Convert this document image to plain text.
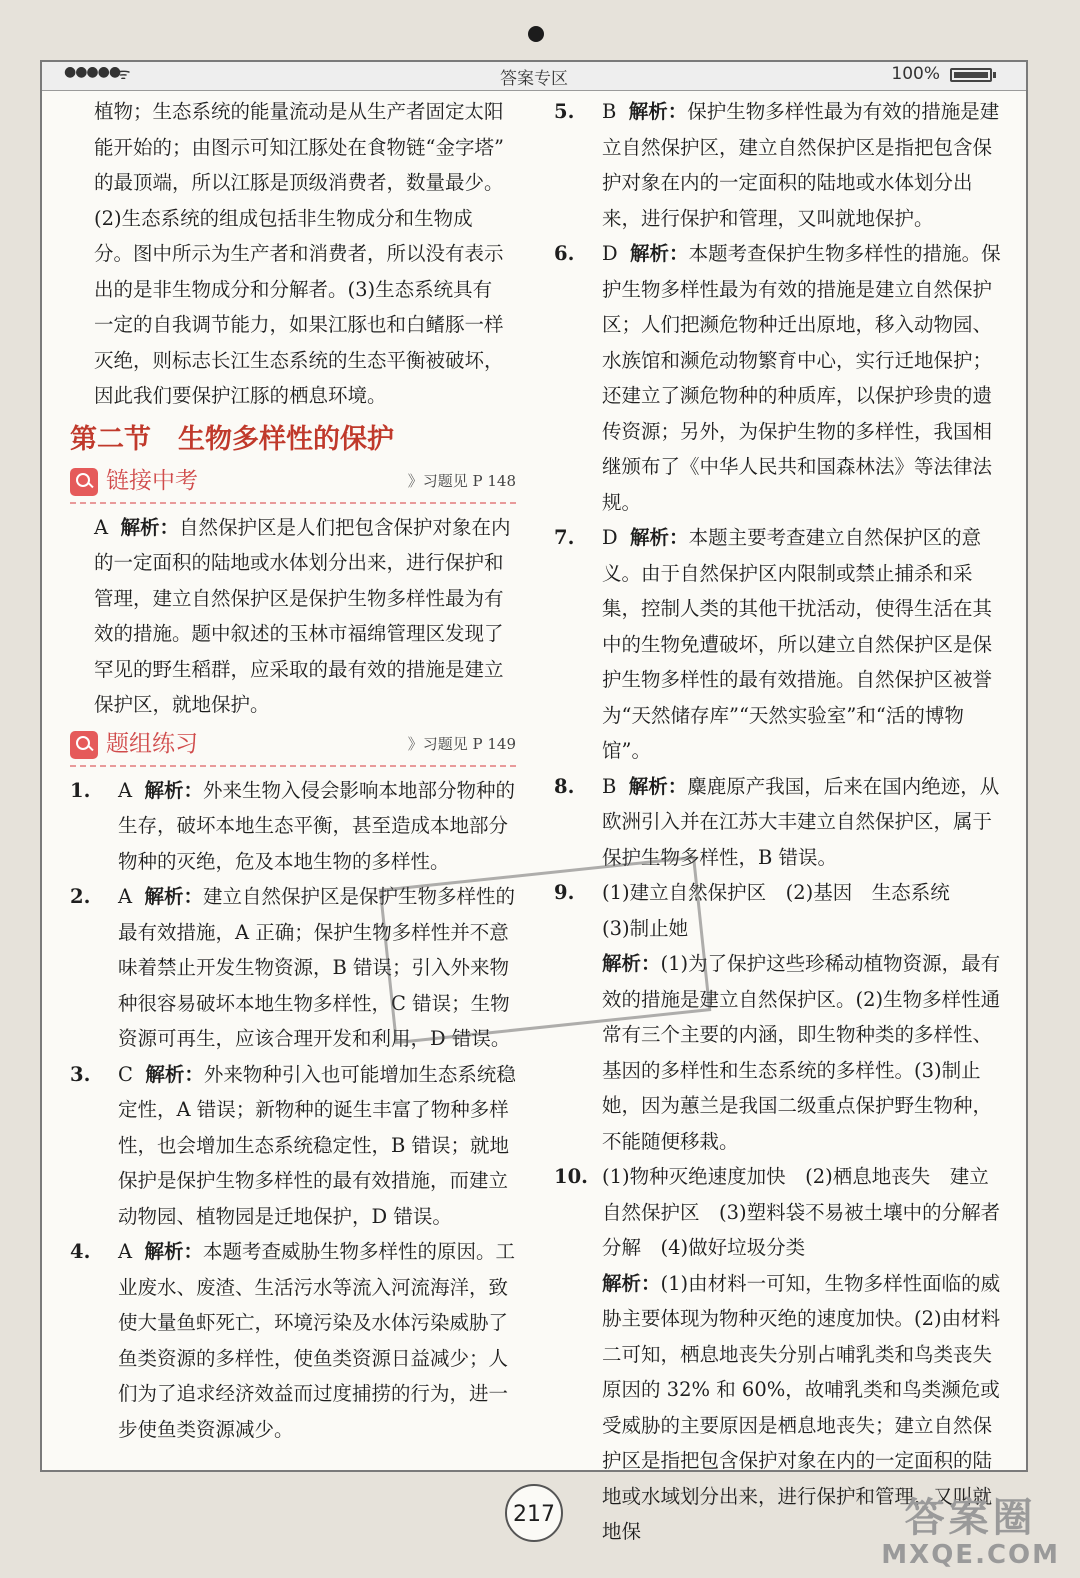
●●●●●
ᯤ	答案专区	100%

植物；生态系统的能量流动是从生产者固定太阳

能开始的；由图示可知江豚处在食物链“金字塔”

的最顶端，所以江豚是顶级消费者，数量最少。

(2)生态系统的组成包括非生物成分和生物成

分。图中所示为生产者和消费者，所以没有表示

出的是非生物成分和分解者。(3)生态系统具有

一定的自我调节能力，如果江豚也和白鳍豚一样

灭绝，则标志长江生态系统的生态平衡被破坏，

因此我们要保护江豚的栖息环境。

第二节　生物多样性的保护
链接中考	》习题见 P 148
A 解析：自然保护区是人们把包含保护对象在内的一定面积的陆地或水体划分出来，进行保护和管理，建立自然保护区是保护生物多样性最为有效的措施。题中叙述的玉林市福绵管理区发现了罕见的野生稻群，应采取的最有效的措施是建立保护区，就地保护。
题组练习	》习题见 P 149
1.	A 解析：外来生物入侵会影响本地部分物种的生存，破坏本地生态平衡，甚至造成本地部分物种的灭绝，危及本地生物的多样性。
2.	A 解析：建立自然保护区是保护生物多样性的最有效措施，A 正确；保护生物多样性并不意味着禁止开发生物资源，B 错误；引入外来物种很容易破坏本地生物多样性，C 错误；生物资源可再生，应该合理开发和利用，D 错误。
3.	C 解析：外来物种引入也可能增加生态系统稳定性，A 错误；新物种的诞生丰富了物种多样性，也会增加生态系统稳定性，B 错误；就地保护是保护生物多样性的最有效措施，而建立动物园、植物园是迁地保护，D 错误。
4.	A 解析：本题考查威胁生物多样性的原因。工业废水、废渣、生活污水等流入河流海洋，致使大量鱼虾死亡，环境污染及水体污染威胁了鱼类资源的多样性，使鱼类资源日益减少；人们为了追求经济效益而过度捕捞的行为，进一步使鱼类资源减少。
5.	B 解析：保护生物多样性最为有效的措施是建立自然保护区，建立自然保护区是指把包含保护对象在内的一定面积的陆地或水体划分出来，进行保护和管理，又叫就地保护。
6.	D 解析：本题考查保护生物多样性的措施。保护生物多样性最为有效的措施是建立自然保护区；人们把濒危物种迁出原地，移入动物园、水族馆和濒危动物繁育中心，实行迁地保护；还建立了濒危物种的种质库，以保护珍贵的遗传资源；另外，为保护生物的多样性，我国相继颁布了《中华人民共和国森林法》等法律法规。
7.	D 解析：本题主要考查建立自然保护区的意义。由于自然保护区内限制或禁止捕杀和采集，控制人类的其他干扰活动，使得生活在其中的生物免遭破坏，所以建立自然保护区是保护生物多样性的最有效措施。自然保护区被誉为“天然储存库”“天然实验室”和“活的博物馆”。
8.	B 解析：麋鹿原产我国，后来在国内绝迹，从欧洲引入并在江苏大丰建立自然保护区，属于保护生物多样性，B 错误。
9.	(1)建立自然保护区　(2)基因　生态系统
(3)制止她
解析：(1)为了保护这些珍稀动植物资源，最有效的措施是建立自然保护区。(2)生物多样性通常有三个主要的内涵，即生物种类的多样性、基因的多样性和生态系统的多样性。(3)制止她，因为蕙兰是我国二级重点保护野生物种，不能随便移栽。
10. (1)物种灭绝速度加快　(2)栖息地丧失　建立自然保护区　(3)塑料袋不易被土壤中的分解者分解　(4)做好垃圾分类
解析：(1)由材料一可知，生物多样性面临的威胁主要体现为物种灭绝的速度加快。(2)由材料二可知，栖息地丧失分别占哺乳类和鸟类丧失原因的 32% 和 60%，故哺乳类和鸟类濒危或受威胁的主要原因是栖息地丧失；建立自然保护区是指把包含保护对象在内的一定面积的陆地或水域划分出来，进行保护和管理，又叫就地保
217	答案圈
MXQE.COM
